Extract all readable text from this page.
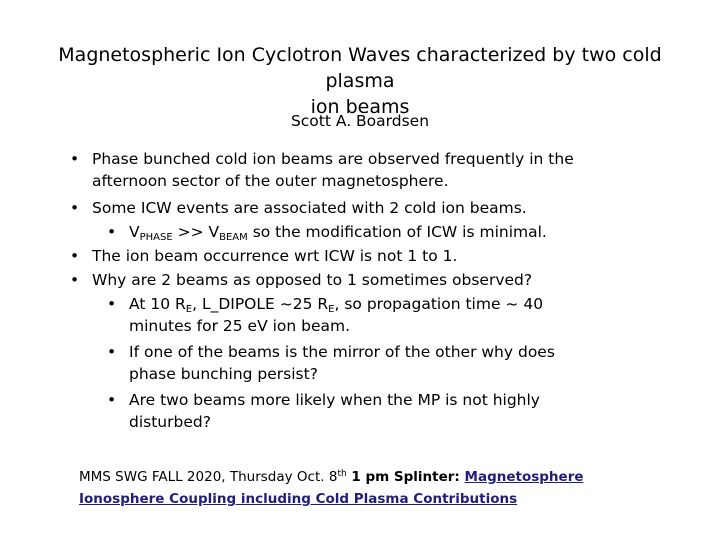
Magnetospheric Ion Cyclotron Waves characterized by two cold plasma
ion beams
Scott A. Boardsen
• Phase bunched cold ion beams are observed frequently in the
afternoon sector of the outer magnetosphere.
• Some ICW events are associated with 2 cold ion beams.
• $V_{PHASE} >> V_{BEAM}$ so the modification of ICW is minimal.
• The ion beam occurrence wrt ICW is not 1 to 1.
• Why are 2 beams as opposed to 1 sometimes observed?
• At 10 $R_E$, L_DIPOLE ~25 $R_E$, so propagation time ~ 40
minutes for 25 eV ion beam.
• If one of the beams is the mirror of the other why does
phase bunching persist?
• Are two beams more likely when the MP is not highly
disturbed?
MMS SWG FALL 2020, Thursday Oct. 8th 1 pm Splinter: Magnetosphere Ionosphere Coupling including Cold Plasma Contributions
